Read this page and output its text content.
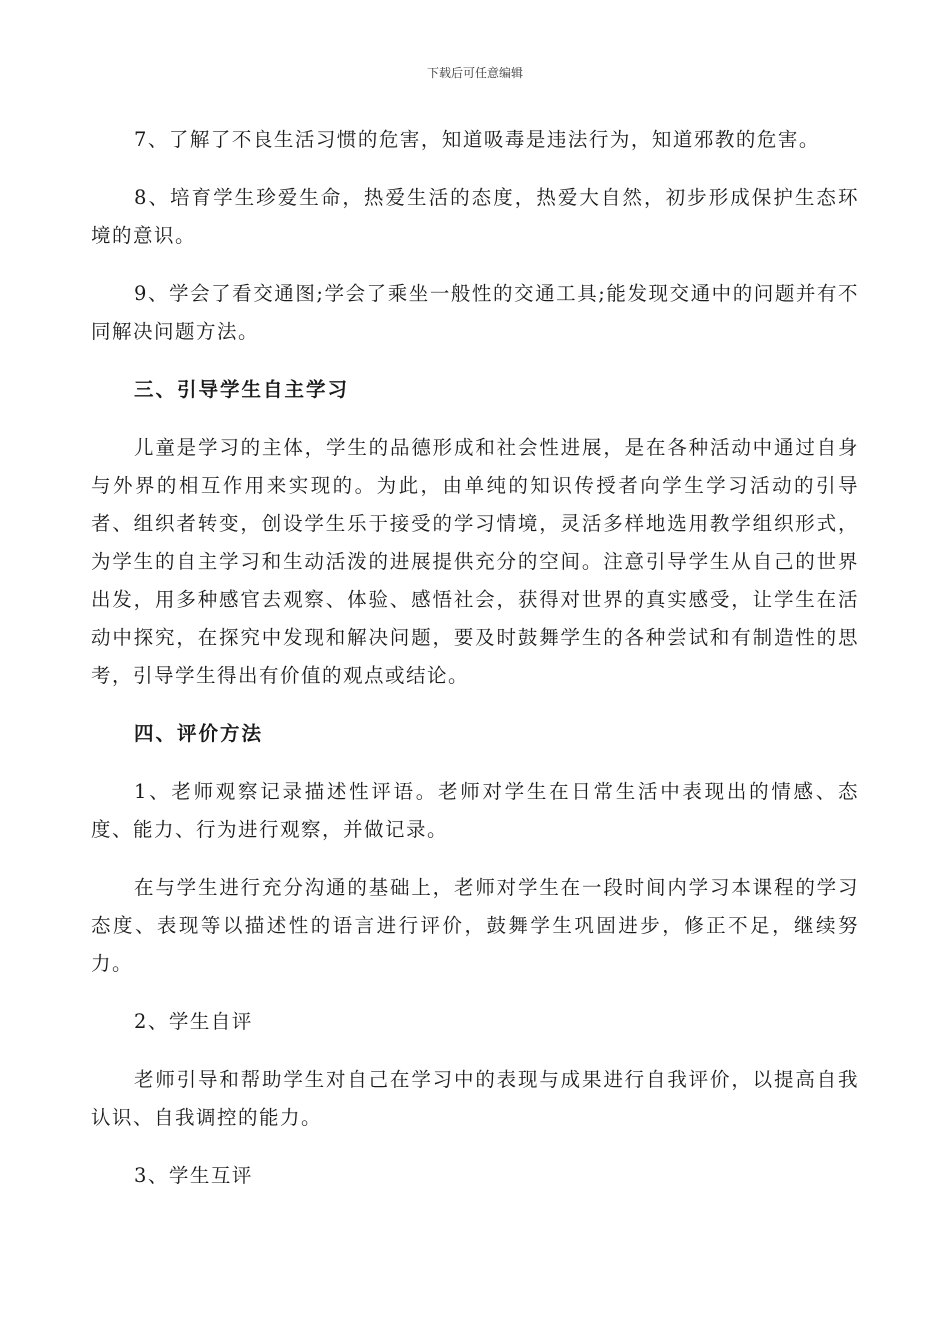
下载后可任意编辑

7、了解了不良生活习惯的危害，知道吸毒是违法行为，知道邪教的危害。

8、培育学生珍爱生命，热爱生活的态度，热爱大自然，初步形成保护生态环境的意识。

9、学会了看交通图;学会了乘坐一般性的交通工具;能发现交通中的问题并有不同解决问题方法。

三、引导学生自主学习

儿童是学习的主体，学生的品德形成和社会性进展，是在各种活动中通过自身与外界的相互作用来实现的。为此，由单纯的知识传授者向学生学习活动的引导者、组织者转变，创设学生乐于接受的学习情境，灵活多样地选用教学组织形式，为学生的自主学习和生动活泼的进展提供充分的空间。注意引导学生从自己的世界出发，用多种感官去观察、体验、感悟社会，获得对世界的真实感受，让学生在活动中探究，在探究中发现和解决问题，要及时鼓舞学生的各种尝试和有制造性的思考，引导学生得出有价值的观点或结论。

四、评价方法

1、老师观察记录描述性评语。老师对学生在日常生活中表现出的情感、态度、能力、行为进行观察，并做记录。

在与学生进行充分沟通的基础上，老师对学生在一段时间内学习本课程的学习态度、表现等以描述性的语言进行评价，鼓舞学生巩固进步，修正不足，继续努力。

2、学生自评

老师引导和帮助学生对自己在学习中的表现与成果进行自我评价，以提高自我认识、自我调控的能力。

3、学生互评
